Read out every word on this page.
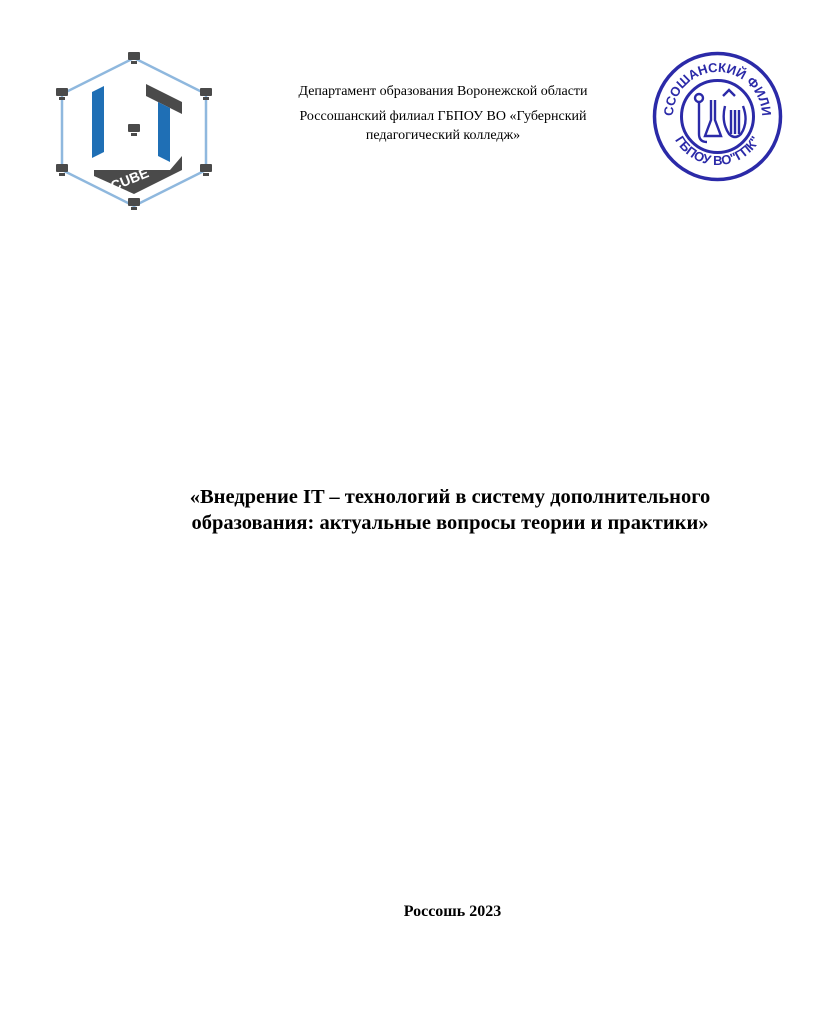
CUBE
Департамент образования Воронежской области
Россошанский филиал ГБПОУ ВО «Губернский
педагогический колледж»
ССОШАНСКИЙ ФИЛИ
ГБПОУ ВО"ГПК"
«Внедрение IT – технологий в систему дополнительного
образования: актуальные вопросы теории и практики»
Россошь 2023
